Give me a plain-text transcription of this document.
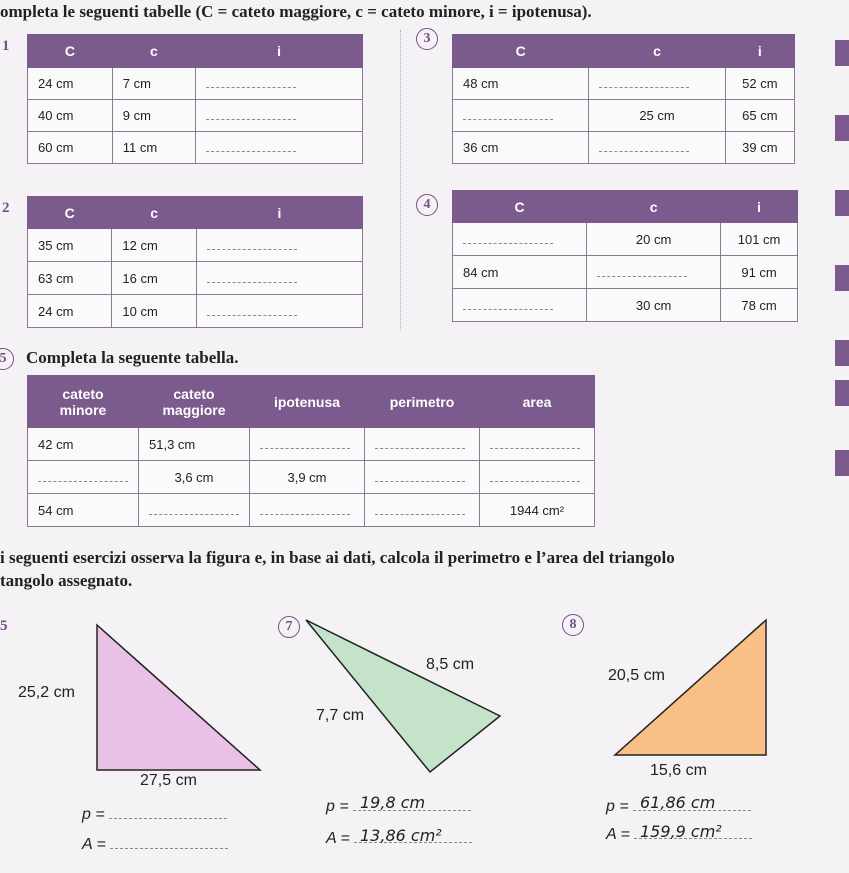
ompleta le seguenti tabelle (C = cateto maggiore, c = cateto minore, i = ipotenusa).
1	3
2	4
C	c	i
24 cm	7 cm	
40 cm	9 cm	
60 cm	11 cm	
C	c	i
48 cm		52 cm
	25 cm	65 cm
36 cm		39 cm
C	c	i
35 cm	12 cm	
63 cm	16 cm	
24 cm	10 cm	
C	c	i
	20 cm	101 cm
84 cm		91 cm
	30 cm	78 cm
5	Completa la seguente tabella.
cateto
minore	cateto
maggiore	ipotenusa	perimetro	area
42 cm	51,3 cm			
	3,6 cm	3,9 cm		
54 cm				1944 cm²
i seguenti esercizi osserva la figura e, in base ai dati, calcola il perimetro e l’area del triangolo
tangolo assegnato.
5	7	8
25,2 cm
27,5 cm
8,5 cm
7,7 cm
20,5 cm
15,6 cm
p =
A =
p = 19,8 cm
A = 13,86 cm²
p = 61,86 cm
A = 159,9 cm²
